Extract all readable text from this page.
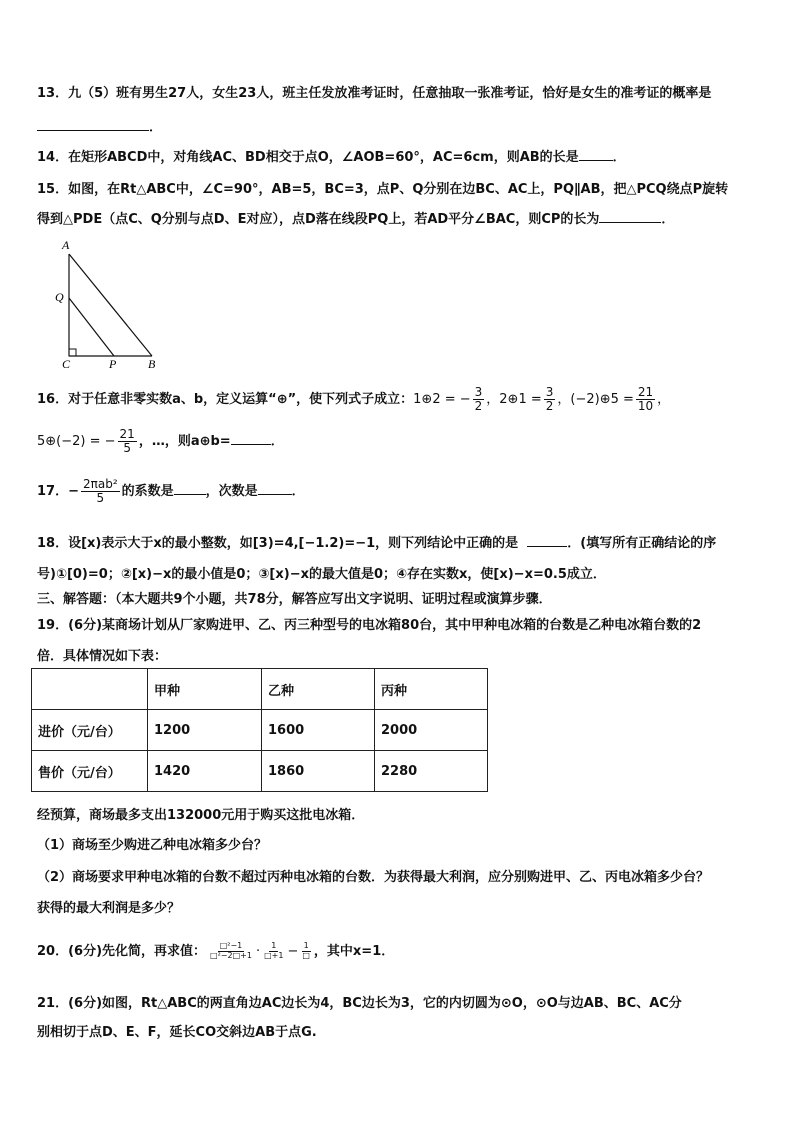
13．九（5）班有男生27人，女生23人，班主任发放准考证时，任意抽取一张准考证，恰好是女生的准考证的概率是
．
14．在矩形ABCD中，对角线AC、BD相交于点O，∠AOB=60°，AC=6cm，则AB的长是	．
15．如图，在Rt△ABC中，∠C=90°，AB=5，BC=3，点P、Q分别在边BC、AC上，PQ∥AB，把△PCQ绕点P旋转
得到△PDE（点C、Q分别与点D、E对应），点D落在线段PQ上，若AD平分∠BAC，则CP的长为	．
A
Q
C	P	B
16．对于任意非零实数a、b，定义运算“⊕”，使下列式子成立：1⊕2 = − $\frac{3}{2}$ ，2⊕1 = $\frac{3}{2}$ ，(−2)⊕5 = $\frac{21}{10}$ ，
5⊕(−2) = − $\frac{21}{5}$ ，…，则a⊕b=	．
17．− $\frac{\text{2πab²}}{5}$ 的系数是 ，次数是	．
18．设[x)表示大于x的最小整数，如[3)=4,[−1.2)=−1，则下列结论中正确的是	．(填写所有正确结论的序
号)①[0)=0；②[x)−x的最小值是0；③[x)−x的最大值是0；④存在实数x，使[x)−x=0.5成立．
三、解答题：（本大题共9个小题，共78分，解答应写出文字说明、证明过程或演算步骤．
19．(6分)某商场计划从厂家购进甲、乙、丙三种型号的电冰箱80台，其中甲种电冰箱的台数是乙种电冰箱台数的2
倍．具体情况如下表：
	甲种	乙种	丙种
进价（元/台）	1200	1600	2000
售价（元/台）	1420	1860	2280
经预算，商场最多支出132000元用于购买这批电冰箱．
（1）商场至少购进乙种电冰箱多少台？
（2）商场要求甲种电冰箱的台数不超过丙种电冰箱的台数．为获得最大利润，应分别购进甲、乙、丙电冰箱多少台？
获得的最大利润是多少？
20．(6分)先化简，再求值： $\frac{\text{□²−1}}{\text{□²−2□+1}} \cdot \frac{1}{□+1} - \frac{1}{□}$ ，其中x=1．
21．(6分)如图，Rt△ABC的两直角边AC边长为4，BC边长为3，它的内切圆为⊙O，⊙O与边AB、BC、AC分
别相切于点D、E、F，延长CO交斜边AB于点G.
